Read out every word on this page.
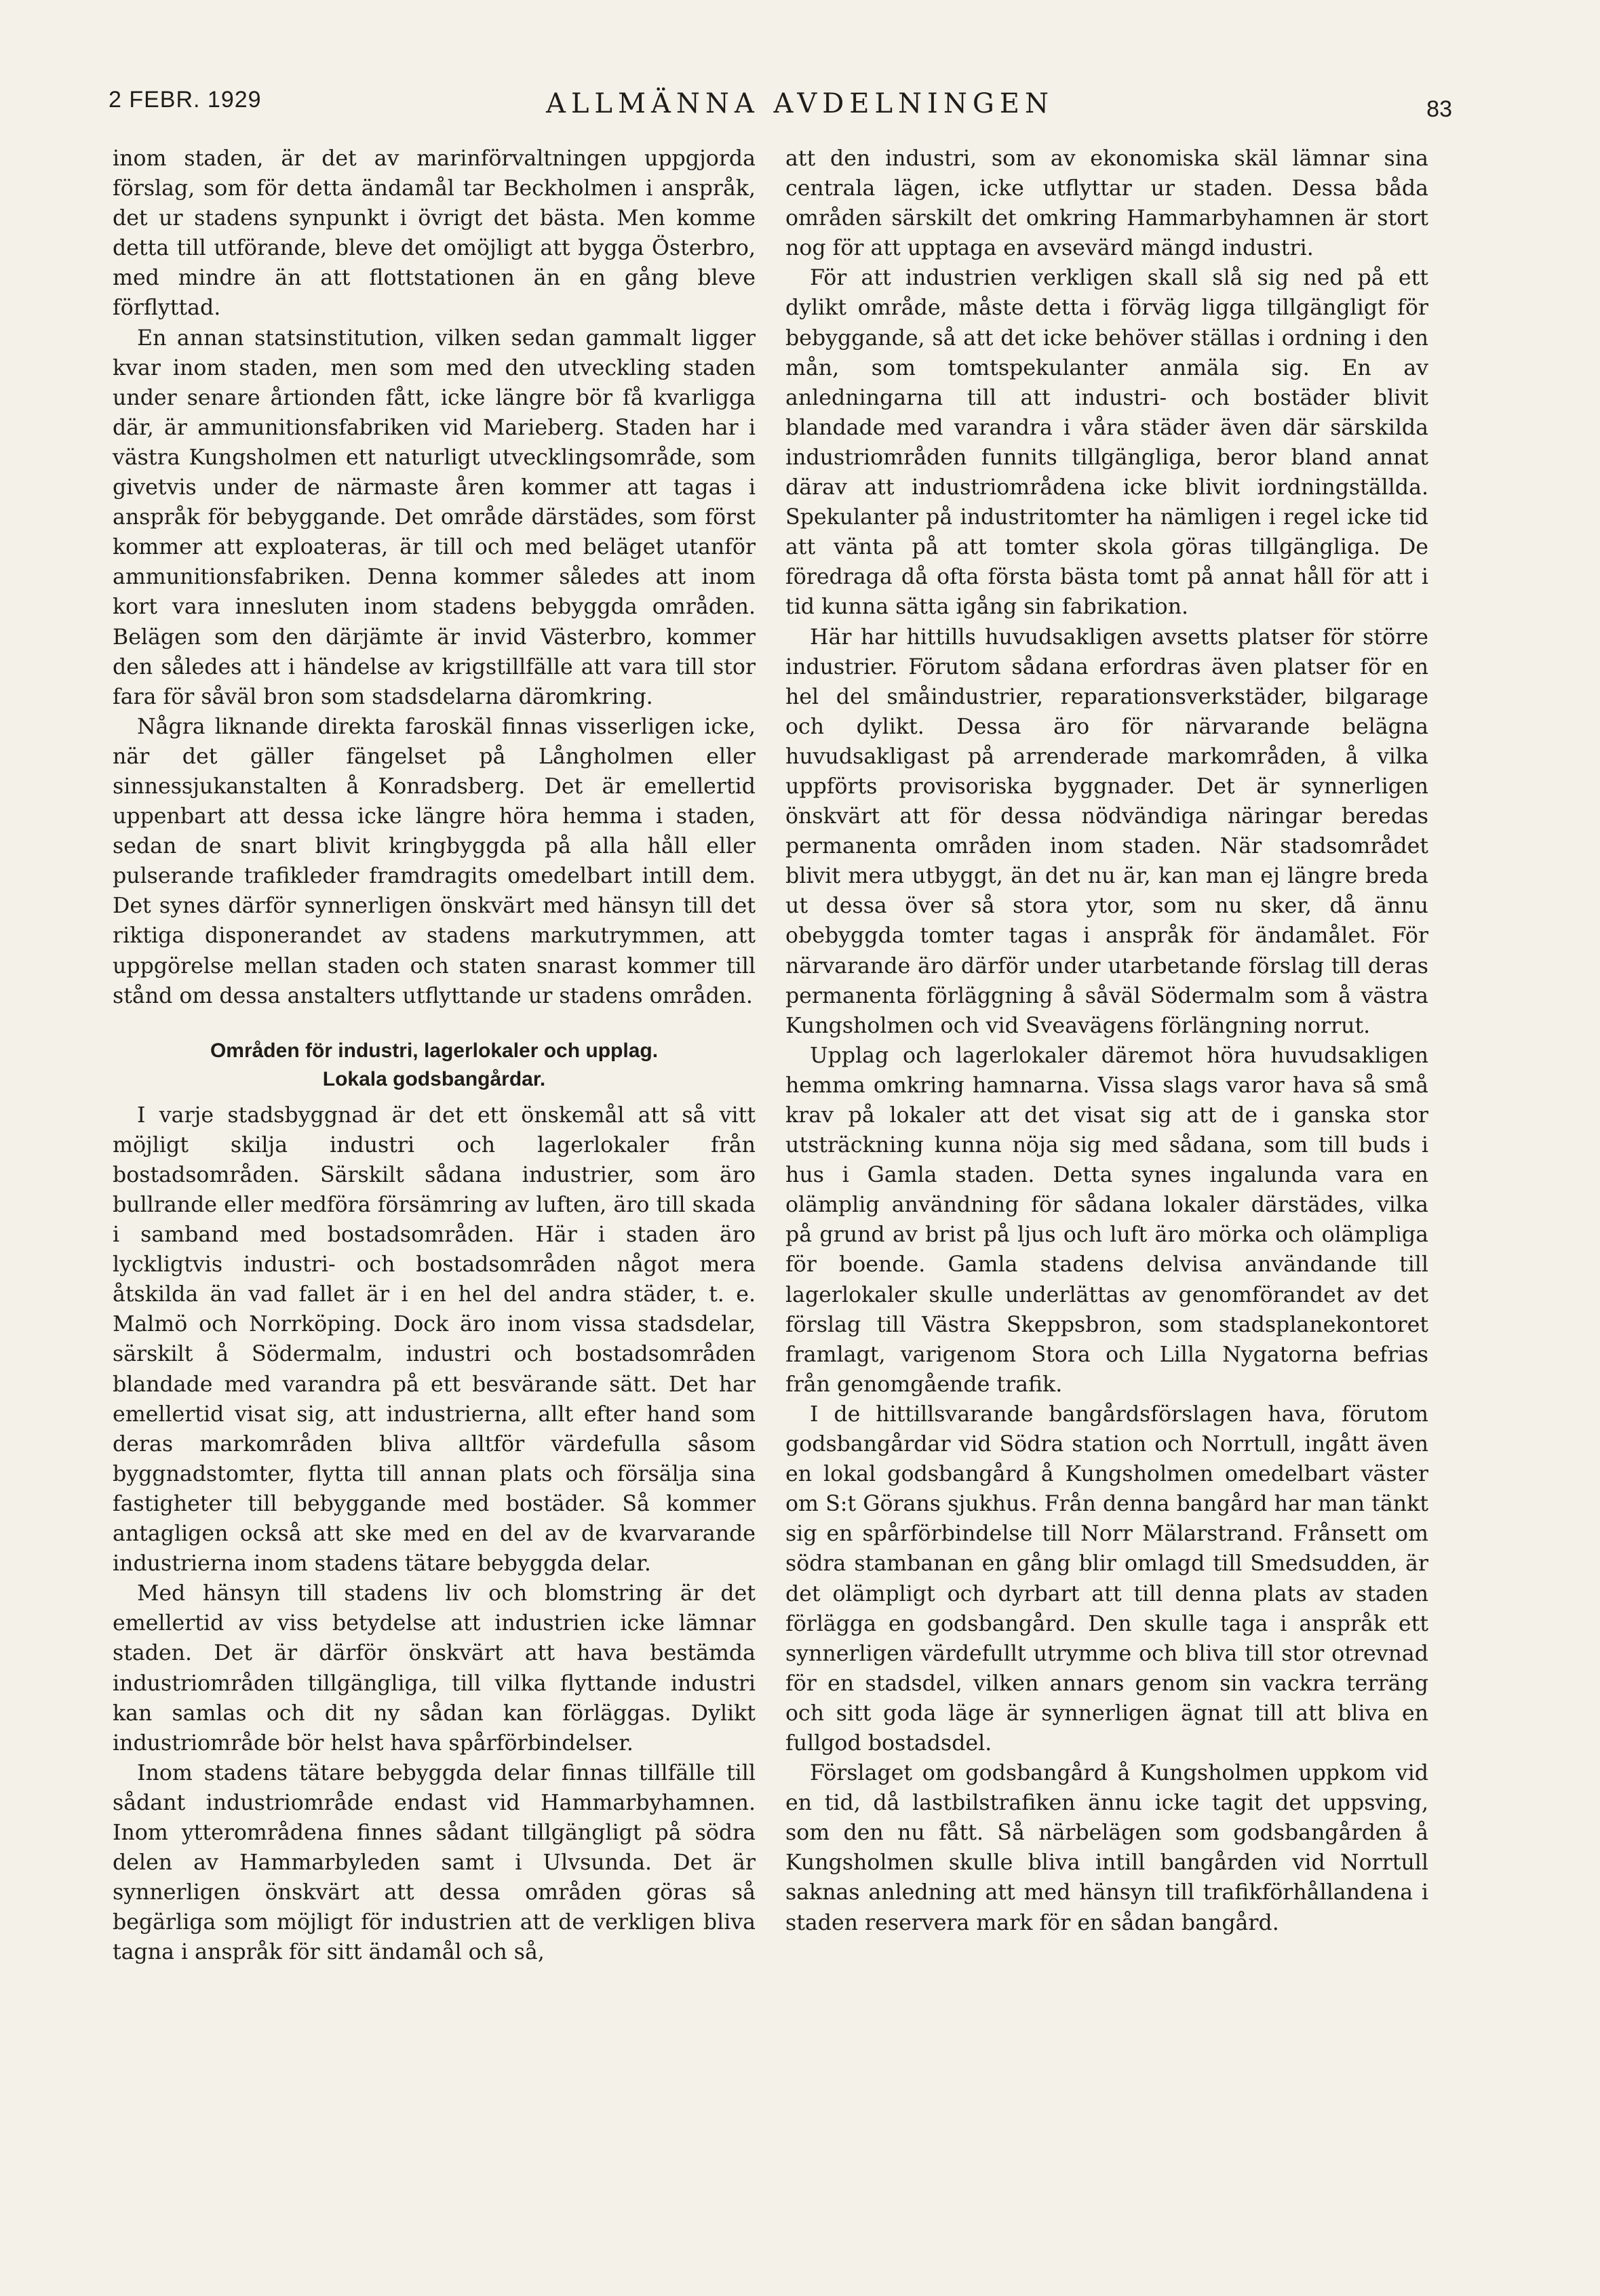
2 FEBR. 1929	ALLMÄNNA AVDELNINGEN	83

inom staden, är det av marinförvaltningen uppgjorda förslag, som för detta ändamål tar Beckholmen i anspråk, det ur stadens synpunkt i övrigt det bästa. Men komme detta till utförande, bleve det omöjligt att bygga Österbro, med mindre än att flottstationen än en gång bleve förflyttad.

En annan statsinstitution, vilken sedan gammalt ligger kvar inom staden, men som med den utveckling staden under senare årtionden fått, icke längre bör få kvarligga där, är ammunitionsfabriken vid Marieberg. Staden har i västra Kungsholmen ett naturligt utvecklingsområde, som givetvis under de närmaste åren kommer att tagas i anspråk för bebyggande. Det område därstädes, som först kommer att exploateras, är till och med beläget utanför ammunitionsfabriken. Denna kommer således att inom kort vara innesluten inom stadens bebyggda områden. Belägen som den därjämte är invid Västerbro, kommer den således att i händelse av krigstillfälle att vara till stor fara för såväl bron som stadsdelarna däromkring.

Några liknande direkta faroskäl finnas visserligen icke, när det gäller fängelset på Långholmen eller sinnessjukanstalten å Konradsberg. Det är emellertid uppenbart att dessa icke längre höra hemma i staden, sedan de snart blivit kringbyggda på alla håll eller pulserande trafikleder framdragits omedelbart intill dem. Det synes därför synnerligen önskvärt med hänsyn till det riktiga disponerandet av stadens markutrymmen, att uppgörelse mellan staden och staten snarast kommer till stånd om dessa anstalters utflyttande ur stadens områden.

Områden för industri, lagerlokaler och upplag.
Lokala godsbangårdar.

I varje stadsbyggnad är det ett önskemål att så vitt möjligt skilja industri och lagerlokaler från bostadsområden. Särskilt sådana industrier, som äro bullrande eller medföra försämring av luften, äro till skada i samband med bostadsområden. Här i staden äro lyckligtvis industri- och bostadsområden något mera åtskilda än vad fallet är i en hel del andra städer, t. e. Malmö och Norrköping. Dock äro inom vissa stadsdelar, särskilt å Södermalm, industri och bostadsområden blandade med varandra på ett besvärande sätt. Det har emellertid visat sig, att industrierna, allt efter hand som deras markområden bliva alltför värdefulla såsom byggnadstomter, flytta till annan plats och försälja sina fastigheter till bebyggande med bostäder. Så kommer antagligen också att ske med en del av de kvarvarande industrierna inom stadens tätare bebyggda delar.

Med hänsyn till stadens liv och blomstring är det emellertid av viss betydelse att industrien icke lämnar staden. Det är därför önskvärt att hava bestämda industriområden tillgängliga, till vilka flyttande industri kan samlas och dit ny sådan kan förläggas. Dylikt industriområde bör helst hava spårförbindelser.

Inom stadens tätare bebyggda delar finnas tillfälle till sådant industriområde endast vid Hammarbyhamnen. Inom ytterområdena finnes sådant tillgängligt på södra delen av Hammarbyleden samt i Ulvsunda. Det är synnerligen önskvärt att dessa områden göras så begärliga som möjligt för industrien att de verkligen bliva tagna i anspråk för sitt ändamål och så,

att den industri, som av ekonomiska skäl lämnar sina centrala lägen, icke utflyttar ur staden. Dessa båda områden särskilt det omkring Hammarbyhamnen är stort nog för att upptaga en avsevärd mängd industri.

För att industrien verkligen skall slå sig ned på ett dylikt område, måste detta i förväg ligga tillgängligt för bebyggande, så att det icke behöver ställas i ordning i den mån, som tomtspekulanter anmäla sig. En av anledningarna till att industri- och bostäder blivit blandade med varandra i våra städer även där särskilda industriområden funnits tillgängliga, beror bland annat därav att industriområdena icke blivit iordningställda. Spekulanter på industritomter ha nämligen i regel icke tid att vänta på att tomter skola göras tillgängliga. De föredraga då ofta första bästa tomt på annat håll för att i tid kunna sätta igång sin fabrikation.

Här har hittills huvudsakligen avsetts platser för större industrier. Förutom sådana erfordras även platser för en hel del småindustrier, reparationsverkstäder, bilgarage och dylikt. Dessa äro för närvarande belägna huvudsakligast på arrenderade markområden, å vilka uppförts provisoriska byggnader. Det är synnerligen önskvärt att för dessa nödvändiga näringar beredas permanenta områden inom staden. När stadsområdet blivit mera utbyggt, än det nu är, kan man ej längre breda ut dessa över så stora ytor, som nu sker, då ännu obebyggda tomter tagas i anspråk för ändamålet. För närvarande äro därför under utarbetande förslag till deras permanenta förläggning å såväl Södermalm som å västra Kungsholmen och vid Sveavägens förlängning norrut.

Upplag och lagerlokaler däremot höra huvudsakligen hemma omkring hamnarna. Vissa slags varor hava så små krav på lokaler att det visat sig att de i ganska stor utsträckning kunna nöja sig med sådana, som till buds i hus i Gamla staden. Detta synes ingalunda vara en olämplig användning för sådana lokaler därstädes, vilka på grund av brist på ljus och luft äro mörka och olämpliga för boende. Gamla stadens delvisa användande till lagerlokaler skulle underlättas av genomförandet av det förslag till Västra Skeppsbron, som stadsplanekontoret framlagt, varigenom Stora och Lilla Nygatorna befrias från genomgående trafik.

I de hittillsvarande bangårdsförslagen hava, förutom godsbangårdar vid Södra station och Norrtull, ingått även en lokal godsbangård å Kungsholmen omedelbart väster om S:t Görans sjukhus. Från denna bangård har man tänkt sig en spårförbindelse till Norr Mälarstrand. Frånsett om södra stambanan en gång blir omlagd till Smedsudden, är det olämpligt och dyrbart att till denna plats av staden förlägga en godsbangård. Den skulle taga i anspråk ett synnerligen värdefullt utrymme och bliva till stor otrevnad för en stadsdel, vilken annars genom sin vackra terräng och sitt goda läge är synnerligen ägnat till att bliva en fullgod bostadsdel.

Förslaget om godsbangård å Kungsholmen uppkom vid en tid, då lastbilstrafiken ännu icke tagit det uppsving, som den nu fått. Så närbelägen som godsbangården å Kungsholmen skulle bliva intill bangården vid Norrtull saknas anledning att med hänsyn till trafikförhållandena i staden reservera mark för en sådan bangård.
